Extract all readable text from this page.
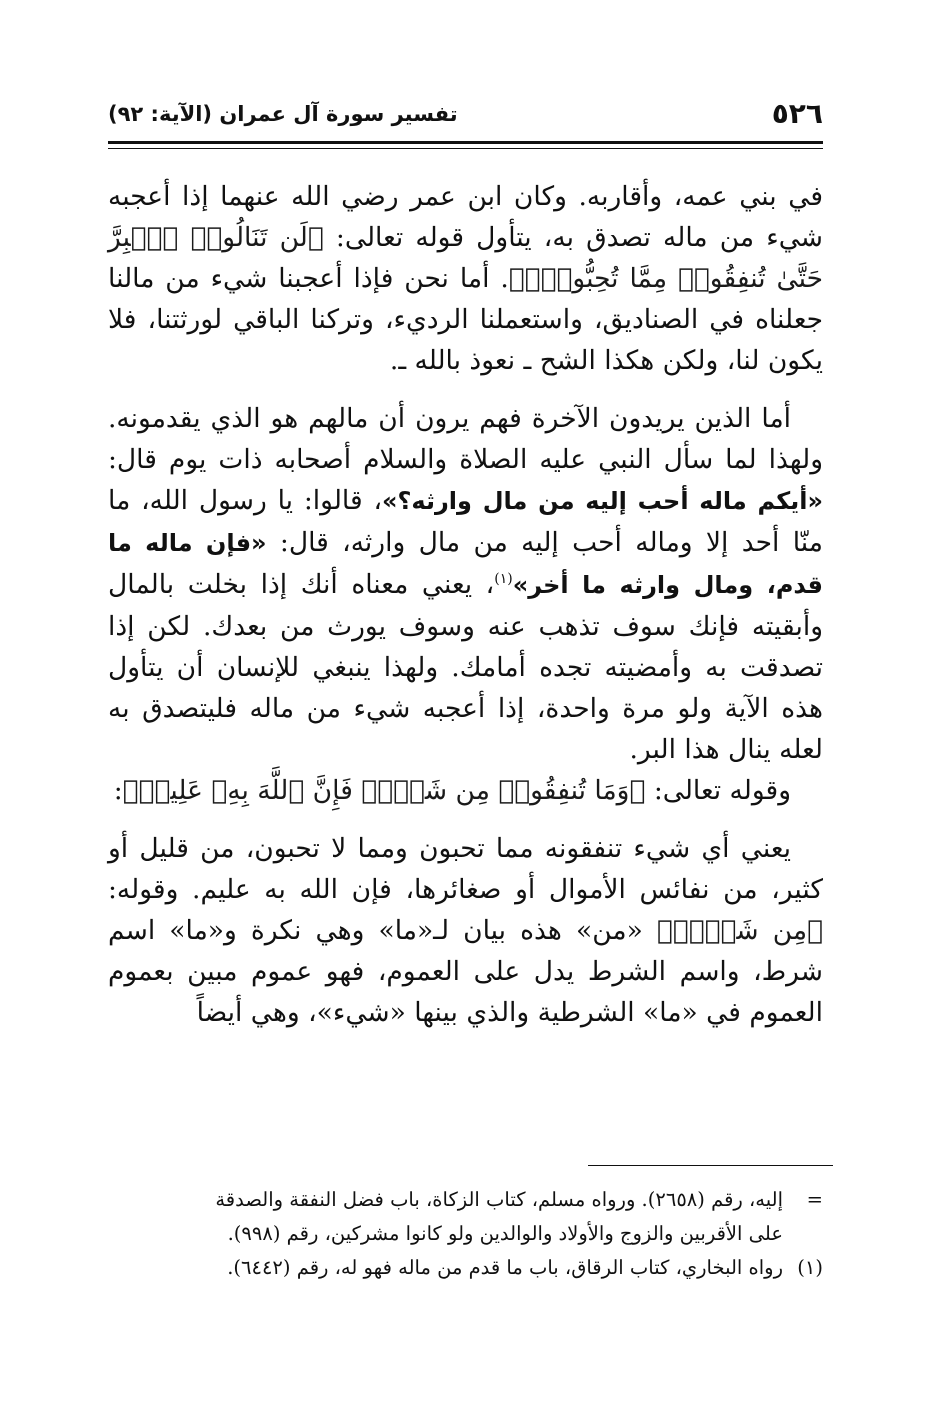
٥٢٦
تفسير سورة آل عمران (الآية: ٩٢)

في بني عمه، وأقاربه. وكان ابن عمر رضي الله عنهما إذا أعجبه شيء من ماله تصدق به، يتأول قوله تعالى: ﴿لَن تَنَالُوا۟ ٱلۡبِرَّ حَتَّىٰ تُنفِقُوا۟ مِمَّا تُحِبُّونَۚ﴾. أما نحن فإذا أعجبنا شيء من مالنا جعلناه في الصناديق، واستعملنا الرديء، وتركنا الباقي لورثتنا، فلا يكون لنا، ولكن هكذا الشح ـ نعوذ بالله ـ.

أما الذين يريدون الآخرة فهم يرون أن مالهم هو الذي يقدمونه. ولهذا لما سأل النبي عليه الصلاة والسلام أصحابه ذات يوم قال: «أيكم ماله أحب إليه من مال وارثه؟»، قالوا: يا رسول الله، ما منّا أحد إلا وماله أحب إليه من مال وارثه، قال: «فإن ماله ما قدم، ومال وارثه ما أخر»$^{(١)}$، يعني معناه أنك إذا بخلت بالمال وأبقيته فإنك سوف تذهب عنه وسوف يورث من بعدك. لكن إذا تصدقت به وأمضيته تجده أمامك. ولهذا ينبغي للإنسان أن يتأول هذه الآية ولو مرة واحدة، إذا أعجبه شيء من ماله فليتصدق به لعله ينال هذا البر.

وقوله تعالى: ﴿وَمَا تُنفِقُوا۟ مِن شَیۡءࣲ فَإِنَّ ٱللَّهَ بِهِۦ عَلِیمࣱ﴾:

يعني أي شيء تنفقونه مما تحبون ومما لا تحبون، من قليل أو كثير، من نفائس الأموال أو صغائرها، فإن الله به عليم. وقوله: ﴿مِن شَیۡءࣲ﴾ «من» هذه بيان لـ«ما» وهي نكرة و«ما» اسم شرط، واسم الشرط يدل على العموم، فهو عموم مبين بعموم العموم في «ما» الشرطية والذي بينها «شيء»، وهي أيضاً

=إليه، رقم (٢٦٥٨). ورواه مسلم، كتاب الزكاة، باب فضل النفقة والصدقة

على الأقربين والزوج والأولاد والوالدين ولو كانوا مشركين، رقم (٩٩٨).

(١)رواه البخاري، كتاب الرقاق، باب ما قدم من ماله فهو له، رقم (٦٤٤٢).
